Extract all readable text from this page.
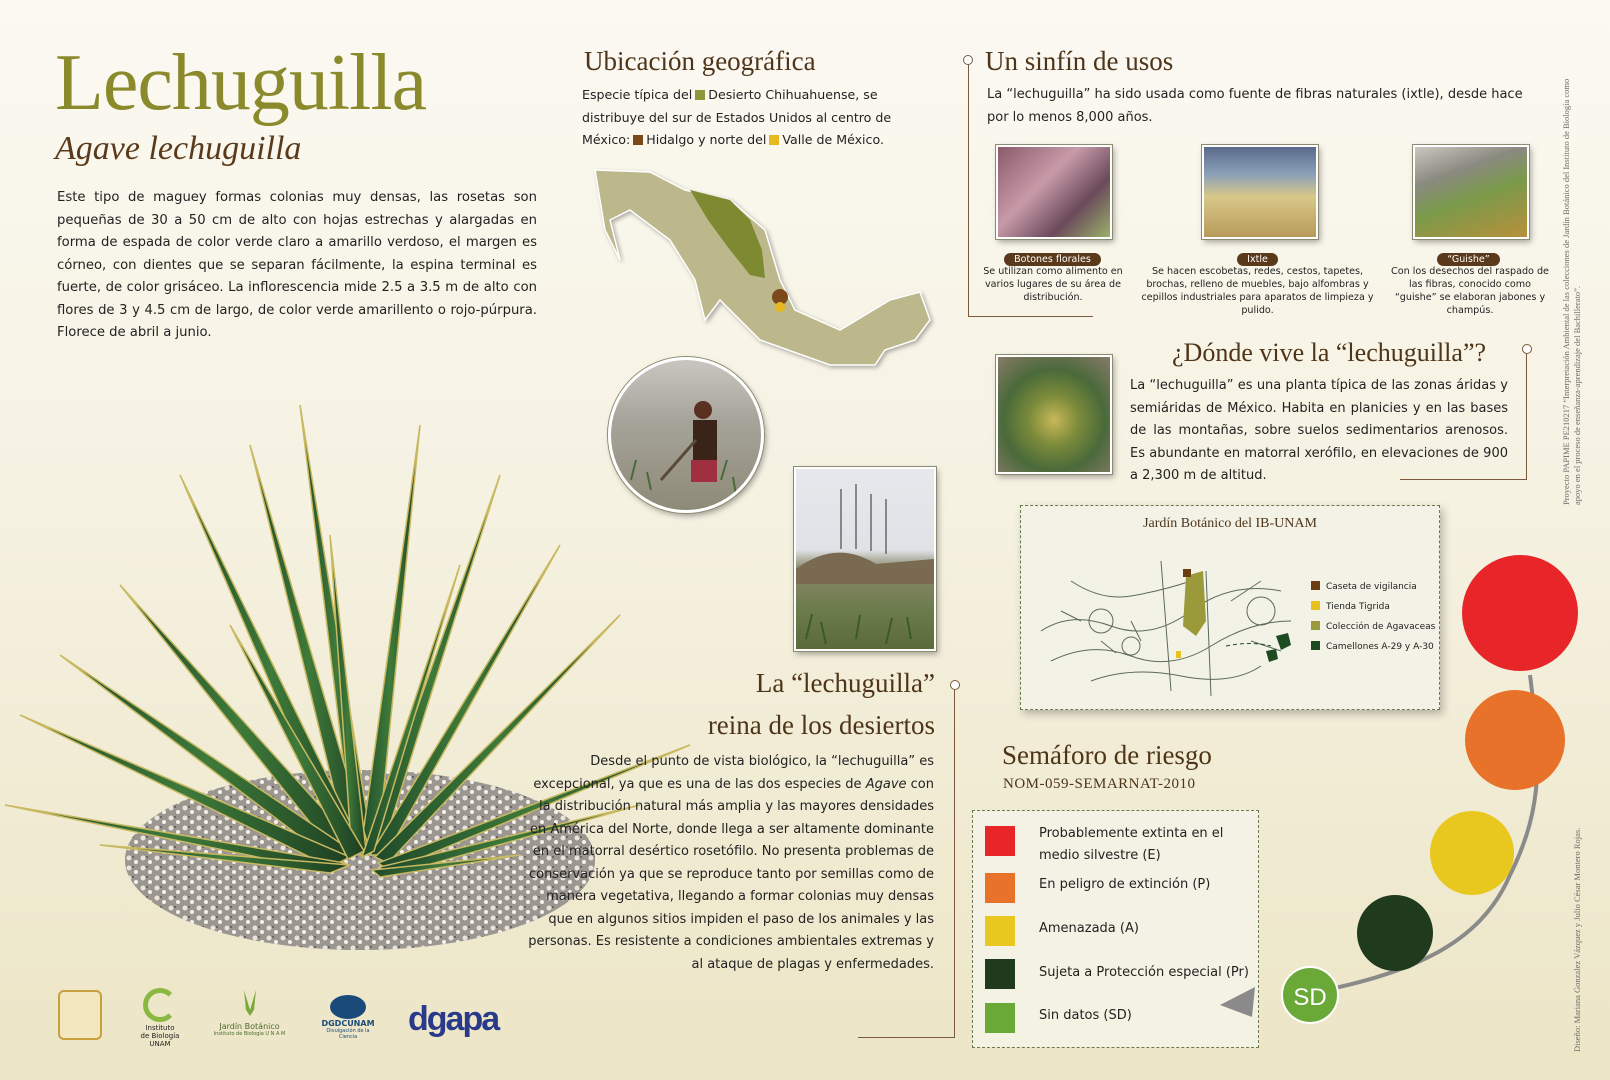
Lechuguilla
Agave lechuguilla
Este tipo de maguey formas colonias muy densas, las rosetas son pequeñas de 30 a 50 cm de alto con hojas estrechas y alargadas en forma de espada de color verde claro a amarillo verdoso, el margen es córneo, con dientes que se separan fácilmente, la espina terminal es fuerte, de color grisáceo. La inflorescencia mide 2.5 a 3.5 m de alto con flores de 3 y 4.5 cm de largo, de color verde amarillento o rojo-púrpura. Florece de abril a junio.
Ubicación geográfica
Especie típica del Desierto Chihuahuense, se distribuye del sur de Estados Unidos al centro de México: Hidalgo y norte del Valle de México.
Un sinfín de usos
La “lechuguilla” ha sido usada como fuente de fibras naturales (ixtle), desde hace por lo menos 8,000 años.
Botones florales
Se utilizan como alimento en varios lugares de su área de distribución.
Ixtle
Se hacen escobetas, redes, cestos, tapetes, brochas, relleno de muebles, bajo alfombras y cepillos industriales para aparatos de limpieza y pulido.
“Guishe”
Con los desechos del raspado de las fibras, conocido como “guishe” se elaboran jabones y champús.
¿Dónde vive la “lechuguilla”?
La “lechuguilla” es una planta típica de las zonas áridas y semiáridas de México. Habita en planicies y en las bases de las montañas, sobre suelos sedimentarios arenosos. Es abundante en matorral xerófilo, en elevaciones de 900 a 2,300 m de altitud.
Jardín Botánico del IB-UNAM
Caseta de vigilancia
Tienda Tigrida
Colección de Agavaceas
Camellones A-29 y A-30
La “lechuguilla”
reina de los desiertos
Desde el punto de vista biológico, la “lechuguilla” es excepcional, ya que es una de las dos especies de Agave con la distribución natural más amplia y las mayores densidades en América del Norte, donde llega a ser altamente dominante en el matorral desértico rosetófilo. No presenta problemas de conservación ya que se reproduce tanto por semillas como de manera vegetativa, llegando a formar colonias muy densas que en algunos sitios impiden el paso de los animales y las personas. Es resistente a condiciones ambientales extremas y al ataque de plagas y enfermedades.
Semáforo de riesgo
NOM-059-SEMARNAT-2010
Probablemente extinta en el medio silvestre (E)
En peligro de extinción (P)
Amenazada (A)
Sujeta a Protección especial (Pr)
Sin datos (SD)
SD
Instituto de Biología UNAM
Jardín Botánico
Instituto de Biología U N A M
DGDCUNAM
Divulgación de la Ciencia	dgapa
Proyecto PAPIME PE210217 “Interpretación Ambiental de las colecciones de Jardín Botánico del Instituto de Biología como apoyo en el proceso de enseñanza-aprendizaje del Bachillerato”.
Diseño: Mariana Gonzalez Vázquez y Julio César Montero Rojas.
